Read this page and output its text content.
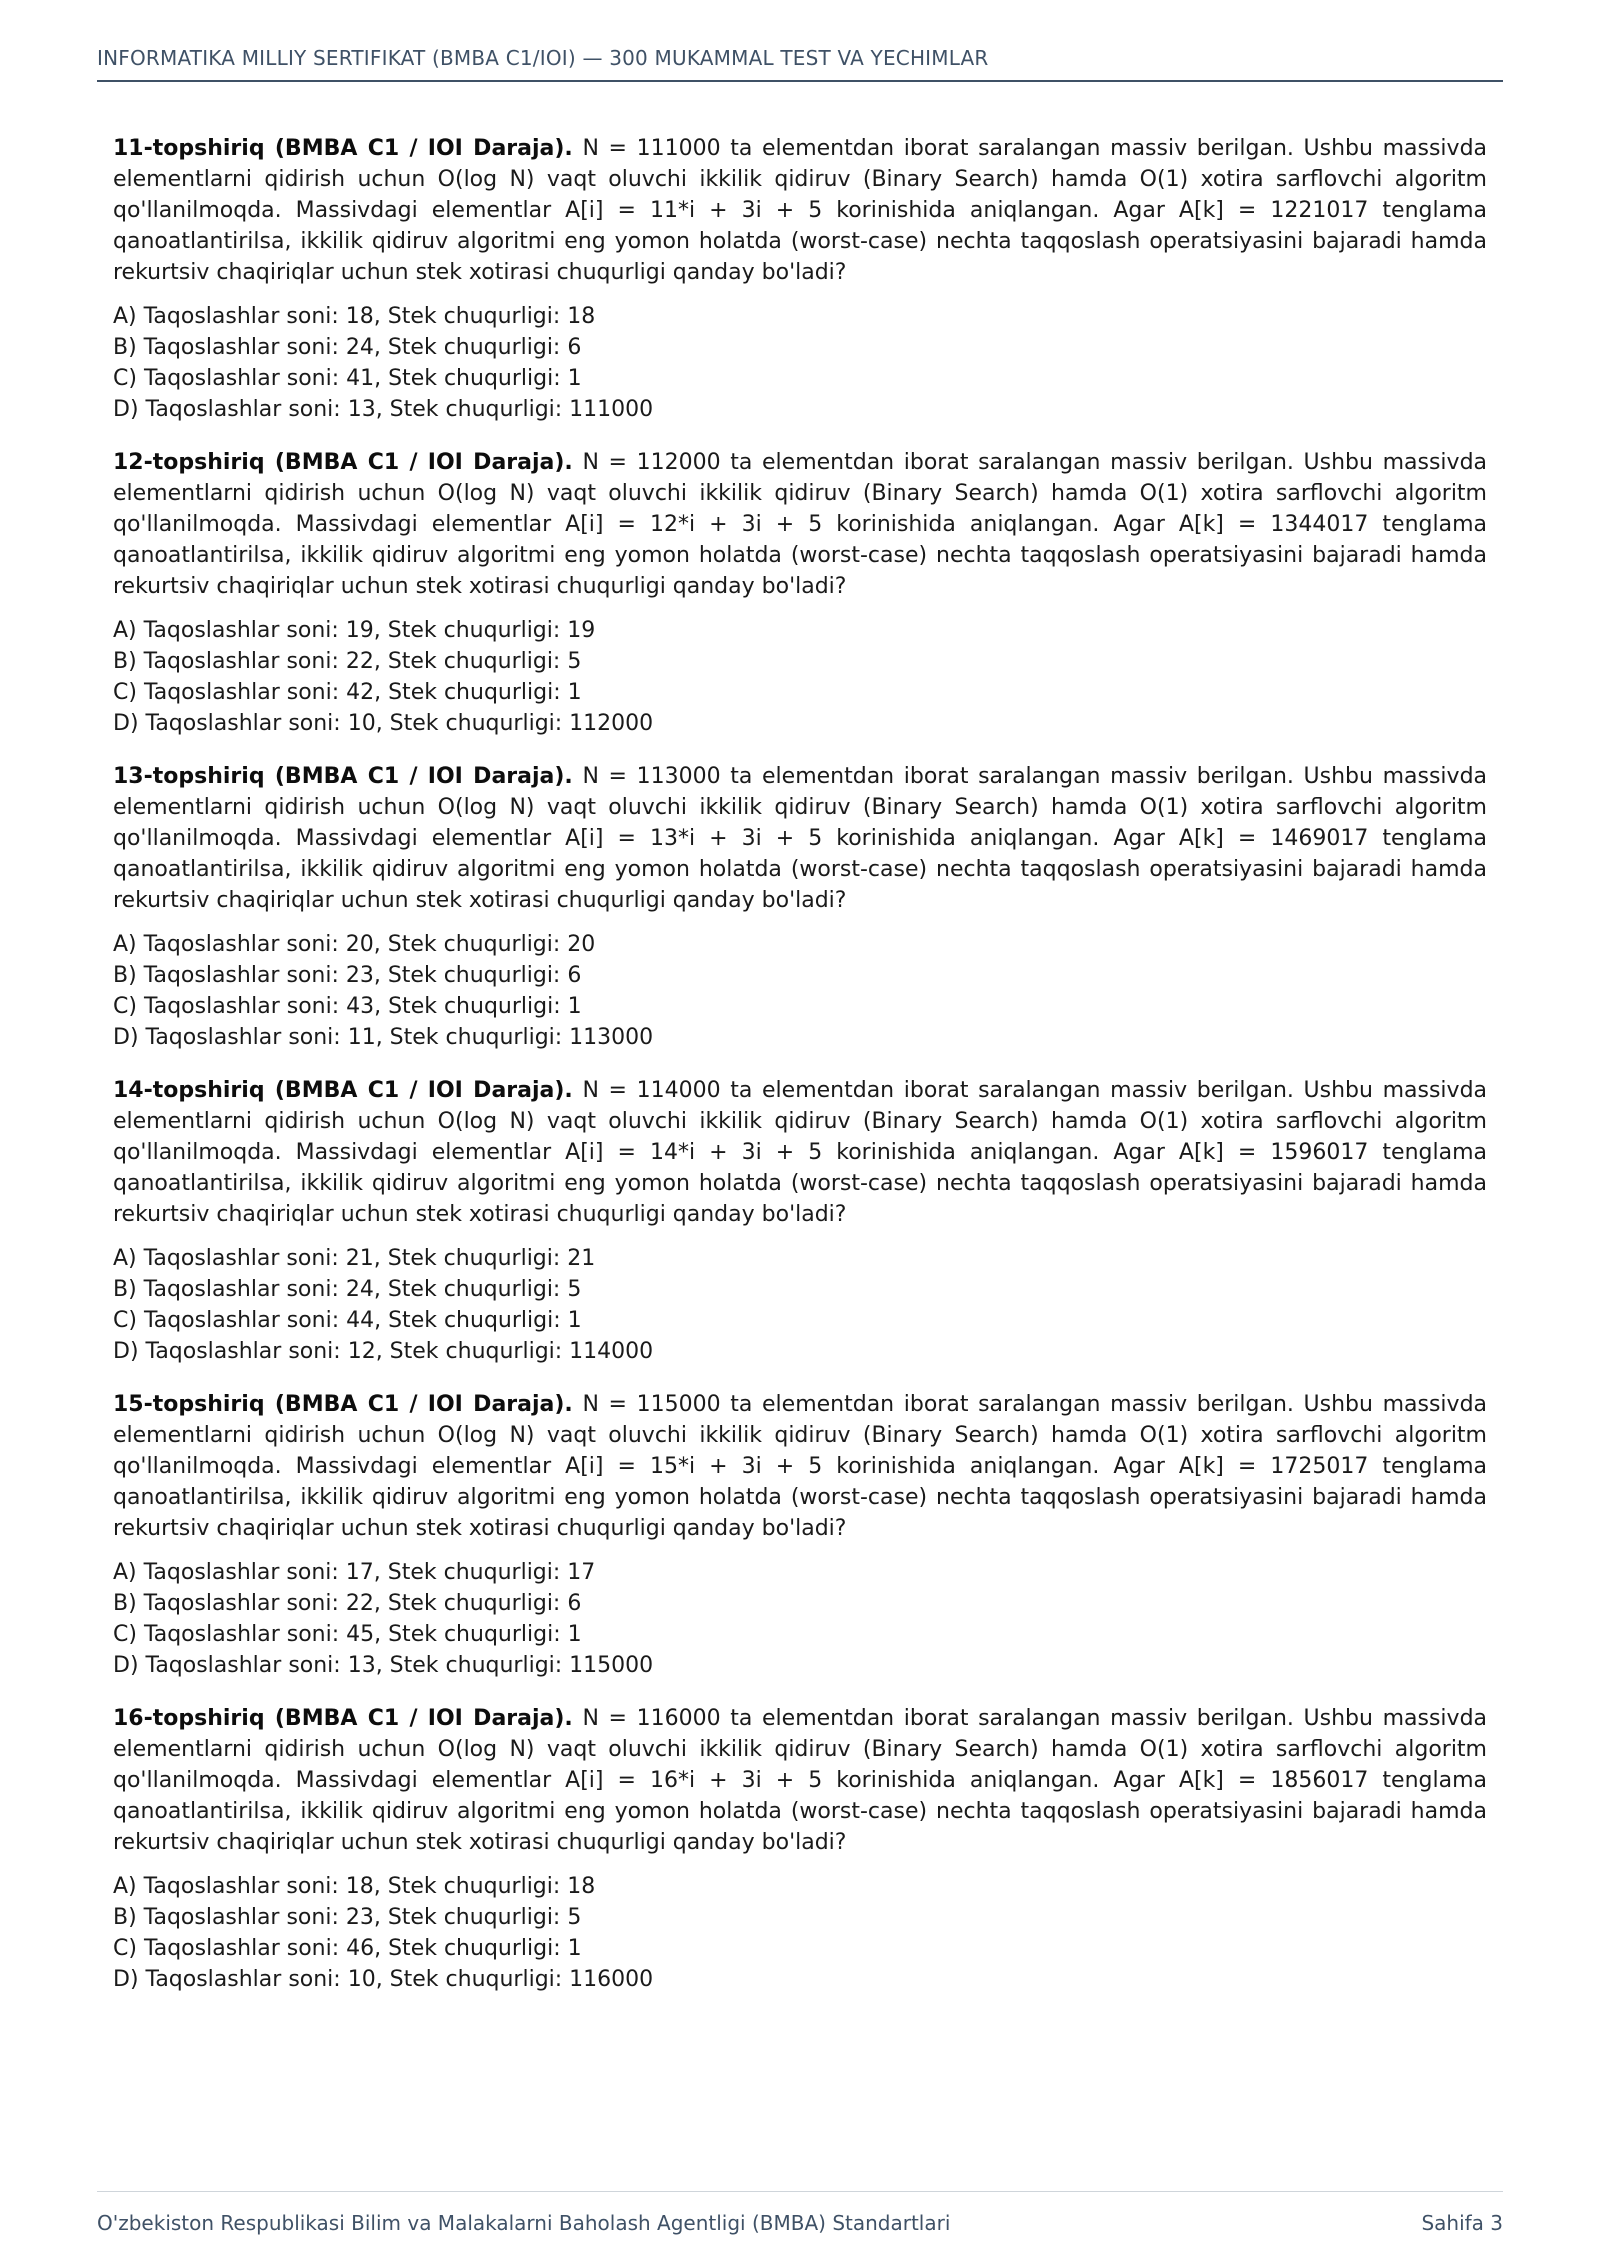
INFORMATIKA MILLIY SERTIFIKAT (BMBA C1/IOI) — 300 MUKAMMAL TEST VA YECHIMLAR

11-topshiriq (BMBA C1 / IOI Daraja). N = 111000 ta elementdan iborat saralangan massiv berilgan. Ushbu massivda elementlarni qidirish uchun O(log N) vaqt oluvchi ikkilik qidiruv (Binary Search) hamda O(1) xotira sarflovchi algoritm qo'llanilmoqda. Massivdagi elementlar A[i] = 11*i + 3i + 5 korinishida aniqlangan. Agar A[k] = 1221017 tenglama qanoatlantirilsa, ikkilik qidiruv algoritmi eng yomon holatda (worst-case) nechta taqqoslash operatsiyasini bajaradi hamda rekurtsiv chaqiriqlar uchun stek xotirasi chuqurligi qanday bo'ladi?

A) Taqoslashlar soni: 18, Stek chuqurligi: 18
B) Taqoslashlar soni: 24, Stek chuqurligi: 6
C) Taqoslashlar soni: 41, Stek chuqurligi: 1
D) Taqoslashlar soni: 13, Stek chuqurligi: 111000

12-topshiriq (BMBA C1 / IOI Daraja). N = 112000 ta elementdan iborat saralangan massiv berilgan. Ushbu massivda elementlarni qidirish uchun O(log N) vaqt oluvchi ikkilik qidiruv (Binary Search) hamda O(1) xotira sarflovchi algoritm qo'llanilmoqda. Massivdagi elementlar A[i] = 12*i + 3i + 5 korinishida aniqlangan. Agar A[k] = 1344017 tenglama qanoatlantirilsa, ikkilik qidiruv algoritmi eng yomon holatda (worst-case) nechta taqqoslash operatsiyasini bajaradi hamda rekurtsiv chaqiriqlar uchun stek xotirasi chuqurligi qanday bo'ladi?

A) Taqoslashlar soni: 19, Stek chuqurligi: 19
B) Taqoslashlar soni: 22, Stek chuqurligi: 5
C) Taqoslashlar soni: 42, Stek chuqurligi: 1
D) Taqoslashlar soni: 10, Stek chuqurligi: 112000

13-topshiriq (BMBA C1 / IOI Daraja). N = 113000 ta elementdan iborat saralangan massiv berilgan. Ushbu massivda elementlarni qidirish uchun O(log N) vaqt oluvchi ikkilik qidiruv (Binary Search) hamda O(1) xotira sarflovchi algoritm qo'llanilmoqda. Massivdagi elementlar A[i] = 13*i + 3i + 5 korinishida aniqlangan. Agar A[k] = 1469017 tenglama qanoatlantirilsa, ikkilik qidiruv algoritmi eng yomon holatda (worst-case) nechta taqqoslash operatsiyasini bajaradi hamda rekurtsiv chaqiriqlar uchun stek xotirasi chuqurligi qanday bo'ladi?

A) Taqoslashlar soni: 20, Stek chuqurligi: 20
B) Taqoslashlar soni: 23, Stek chuqurligi: 6
C) Taqoslashlar soni: 43, Stek chuqurligi: 1
D) Taqoslashlar soni: 11, Stek chuqurligi: 113000

14-topshiriq (BMBA C1 / IOI Daraja). N = 114000 ta elementdan iborat saralangan massiv berilgan. Ushbu massivda elementlarni qidirish uchun O(log N) vaqt oluvchi ikkilik qidiruv (Binary Search) hamda O(1) xotira sarflovchi algoritm qo'llanilmoqda. Massivdagi elementlar A[i] = 14*i + 3i + 5 korinishida aniqlangan. Agar A[k] = 1596017 tenglama qanoatlantirilsa, ikkilik qidiruv algoritmi eng yomon holatda (worst-case) nechta taqqoslash operatsiyasini bajaradi hamda rekurtsiv chaqiriqlar uchun stek xotirasi chuqurligi qanday bo'ladi?

A) Taqoslashlar soni: 21, Stek chuqurligi: 21
B) Taqoslashlar soni: 24, Stek chuqurligi: 5
C) Taqoslashlar soni: 44, Stek chuqurligi: 1
D) Taqoslashlar soni: 12, Stek chuqurligi: 114000

15-topshiriq (BMBA C1 / IOI Daraja). N = 115000 ta elementdan iborat saralangan massiv berilgan. Ushbu massivda elementlarni qidirish uchun O(log N) vaqt oluvchi ikkilik qidiruv (Binary Search) hamda O(1) xotira sarflovchi algoritm qo'llanilmoqda. Massivdagi elementlar A[i] = 15*i + 3i + 5 korinishida aniqlangan. Agar A[k] = 1725017 tenglama qanoatlantirilsa, ikkilik qidiruv algoritmi eng yomon holatda (worst-case) nechta taqqoslash operatsiyasini bajaradi hamda rekurtsiv chaqiriqlar uchun stek xotirasi chuqurligi qanday bo'ladi?

A) Taqoslashlar soni: 17, Stek chuqurligi: 17
B) Taqoslashlar soni: 22, Stek chuqurligi: 6
C) Taqoslashlar soni: 45, Stek chuqurligi: 1
D) Taqoslashlar soni: 13, Stek chuqurligi: 115000

16-topshiriq (BMBA C1 / IOI Daraja). N = 116000 ta elementdan iborat saralangan massiv berilgan. Ushbu massivda elementlarni qidirish uchun O(log N) vaqt oluvchi ikkilik qidiruv (Binary Search) hamda O(1) xotira sarflovchi algoritm qo'llanilmoqda. Massivdagi elementlar A[i] = 16*i + 3i + 5 korinishida aniqlangan. Agar A[k] = 1856017 tenglama qanoatlantirilsa, ikkilik qidiruv algoritmi eng yomon holatda (worst-case) nechta taqqoslash operatsiyasini bajaradi hamda rekurtsiv chaqiriqlar uchun stek xotirasi chuqurligi qanday bo'ladi?

A) Taqoslashlar soni: 18, Stek chuqurligi: 18
B) Taqoslashlar soni: 23, Stek chuqurligi: 5
C) Taqoslashlar soni: 46, Stek chuqurligi: 1
D) Taqoslashlar soni: 10, Stek chuqurligi: 116000
O'zbekiston Respublikasi Bilim va Malakalarni Baholash Agentligi (BMBA) Standartlari	Sahifa 3
